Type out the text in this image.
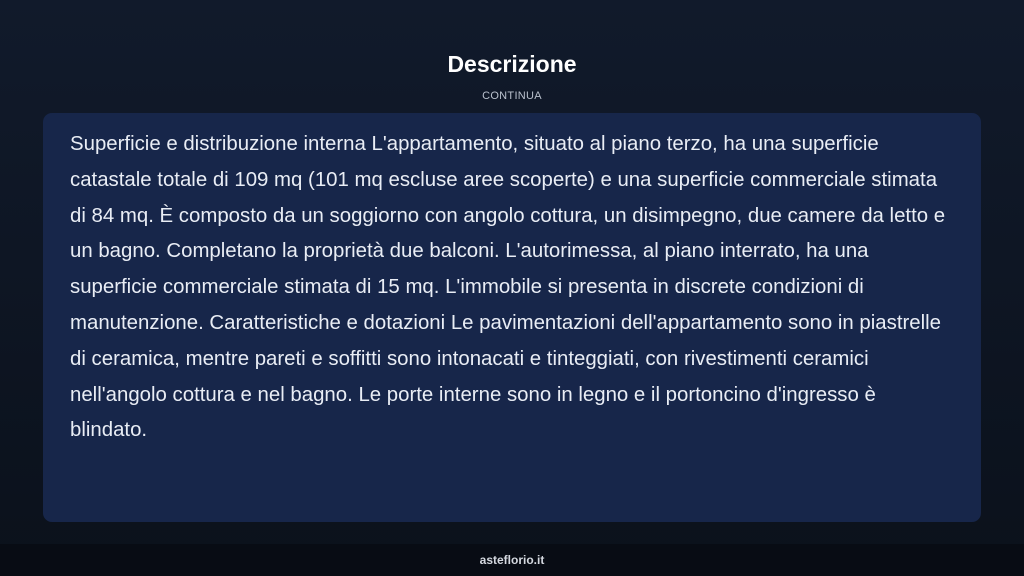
Descrizione
CONTINUA

Superficie e distribuzione interna L'appartamento, situato al piano terzo, ha una superficie catastale totale di 109 mq (101 mq escluse aree scoperte) e una superficie commerciale stimata di 84 mq. È composto da un soggiorno con angolo cottura, un disimpegno, due camere da letto e un bagno. Completano la proprietà due balconi. L'autorimessa, al piano interrato, ha una superficie commerciale stimata di 15 mq. L'immobile si presenta in discrete condizioni di manutenzione. Caratteristiche e dotazioni Le pavimentazioni dell'appartamento sono in piastrelle di ceramica, mentre pareti e soffitti sono intonacati e tinteggiati, con rivestimenti ceramici nell'angolo cottura e nel bagno. Le porte interne sono in legno e il portoncino d'ingresso è blindato.

asteflorio.it
